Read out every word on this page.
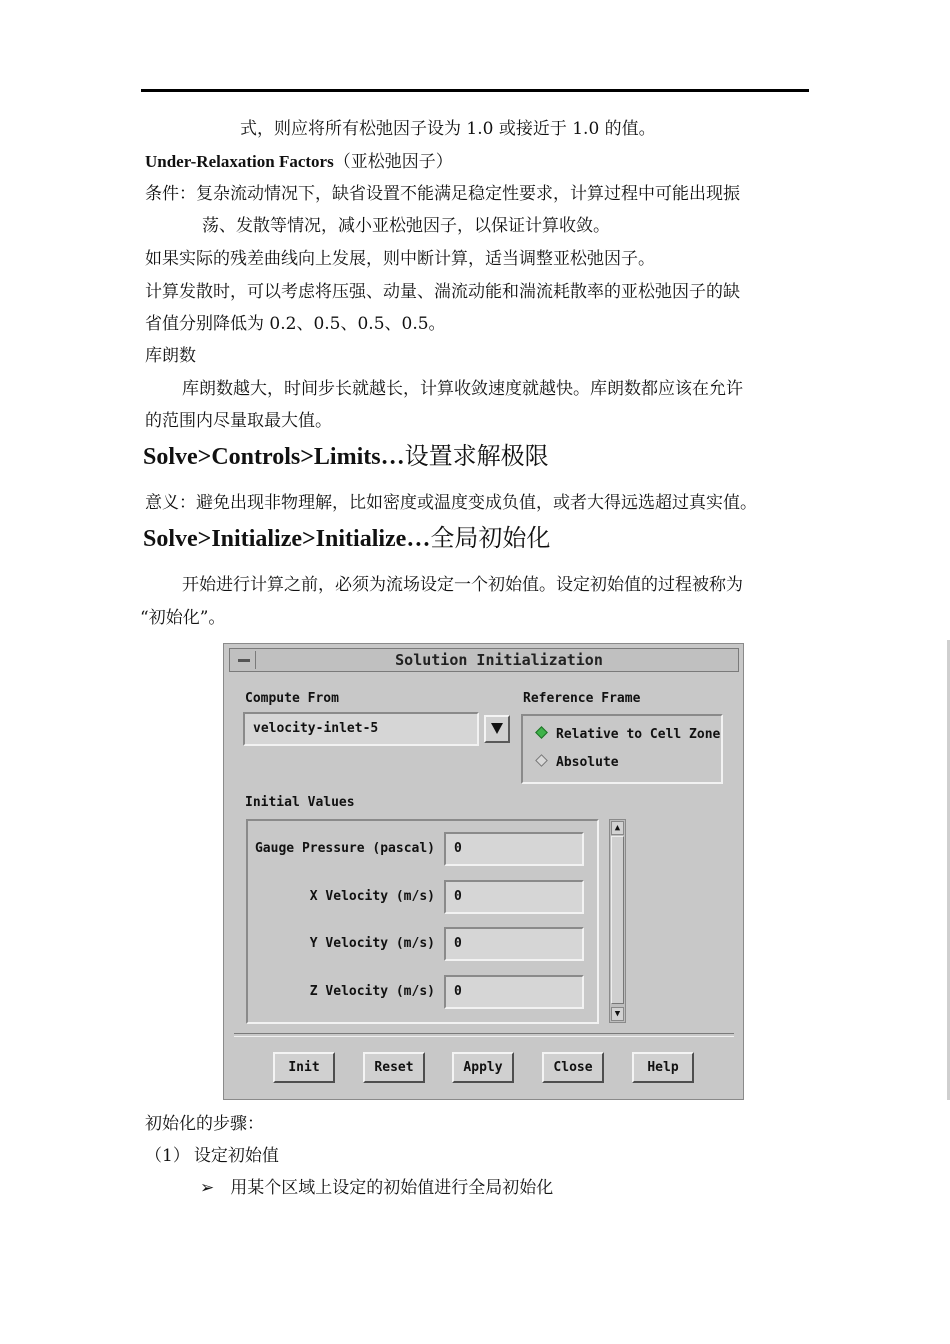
式，则应将所有松弛因子设为 1.0 或接近于 1.0 的值。
Under-Relaxation Factors（亚松弛因子）
条件：复杂流动情况下，缺省设置不能满足稳定性要求，计算过程中可能出现振
荡、发散等情况，减小亚松弛因子，以保证计算收敛。
如果实际的残差曲线向上发展，则中断计算，适当调整亚松弛因子。
计算发散时，可以考虑将压强、动量、湍流动能和湍流耗散率的亚松弛因子的缺
省值分别降低为 0.2、0.5、0.5、0.5。
库朗数
库朗数越大，时间步长就越长，计算收敛速度就越快。库朗数都应该在允许
的范围内尽量取最大值。
Solve>Controls>Limits…设置求解极限
意义：避免出现非物理解，比如密度或温度变成负值，或者大得远选超过真实值。
Solve>Initialize>Initialize…全局初始化
开始进行计算之前，必须为流场设定一个初始值。设定初始值的过程被称为
“初始化”。
Solution Initialization
Compute From
velocity-inlet-5
Reference Frame
Relative to Cell Zone
Absolute
Initial Values
Gauge Pressure (pascal)	0
X Velocity (m/s)	0
Y Velocity (m/s)	0
Z Velocity (m/s)	0
▲
▼
Init	Reset	Apply	Close	Help
初始化的步骤：
（1） 设定初始值
➢ 用某个区域上设定的初始值进行全局初始化
